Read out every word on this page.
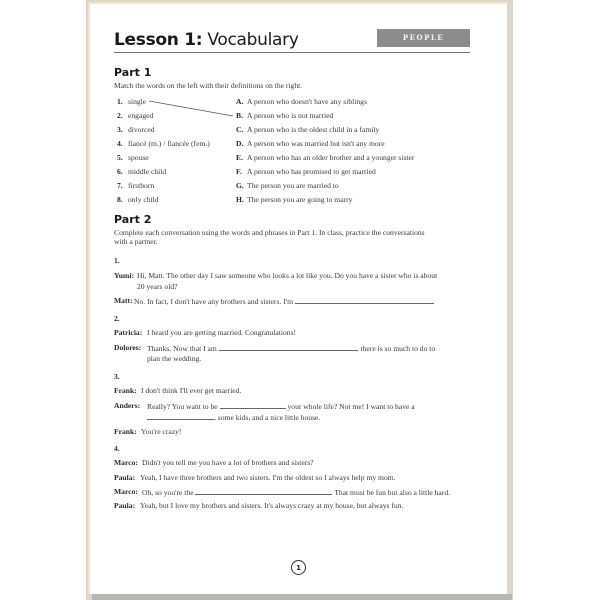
Lesson 1: Vocabulary	PEOPLE
Part 1
Match the words on the left with their definitions on the right.
1. single
2. engaged
3. divorced
4. fiancé (m.) / fiancée (fem.)
5. spouse
6. middle child
7. firstborn
8. only child
A. A person who doesn't have any siblings
B. A person who is not married
C. A person who is the oldest child in a family
D. A person who was married but isn't any more
E. A person who has an older brother and a younger sister
F. A person who has promised to get married
G. The person you are married to
H. The person you are going to marry
Part 2
Complete each conversation using the words and phrases in Part 1. In class, practice the conversations
with a partner.
1.
Yumi: Hi, Matt. The other day I saw someone who looks a lot like you. Do you have a sister who is about
20 years old?
Matt: No. In fact, I don't have any brothers and sisters. I'm
2.
Patricia: I heard you are getting married. Congratulations!
Dolores: Thanks. Now that I am	, there is so much to do to
plan the wedding.
3.
Frank: I don't think I'll ever get married.
Anders: Really? You want to be	your whole life? Not me! I want to have a
, some kids, and a nice little house.
Frank: You're crazy!
4.
Marco: Didn't you tell me you have a lot of brothers and sisters?
Paula: Yeah, I have three brothers and two sisters. I'm the oldest so I always help my mom.
Marco: Oh, so you're the	That must be fun but also a little hard.
Paula: Yeah, but I love my brothers and sisters. It's always crazy at my house, but always fun.
1
